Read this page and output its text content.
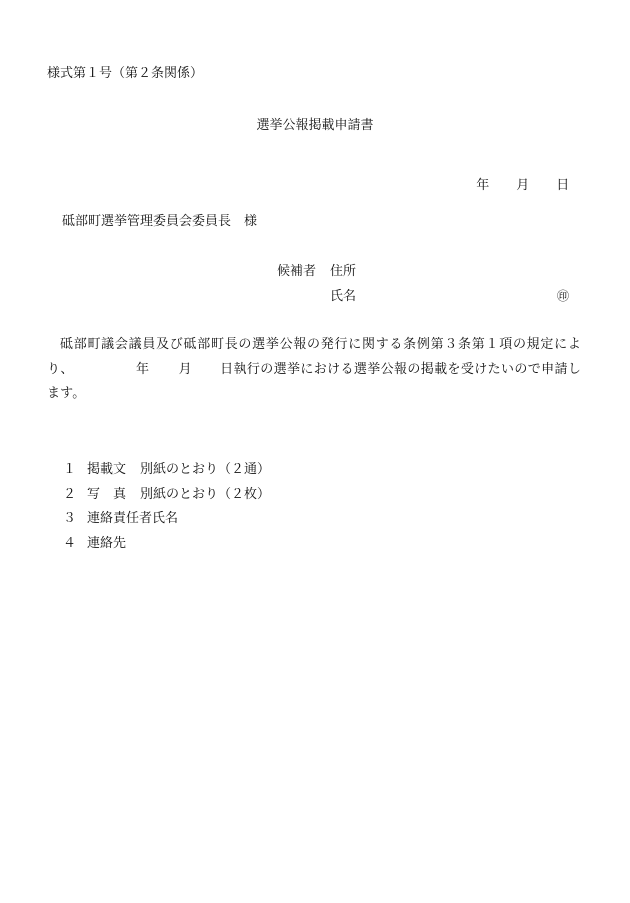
様式第１号（第２条関係）
選挙公報掲載申請書

年 月 日

砥部町選挙管理委員会委員長　様
候補者 住所
氏名	㊞
砥部町議会議員及び砥部町長の選挙公報の発行に関する条例第３条第１項の規定により、	年 月 日執行の選挙における選挙公報の掲載を受けたいので申請します。
１ 掲載文	別紙のとおり（２通）
２ 写　真	別紙のとおり（２枚）
３ 連絡責任者氏名
４ 連絡先
